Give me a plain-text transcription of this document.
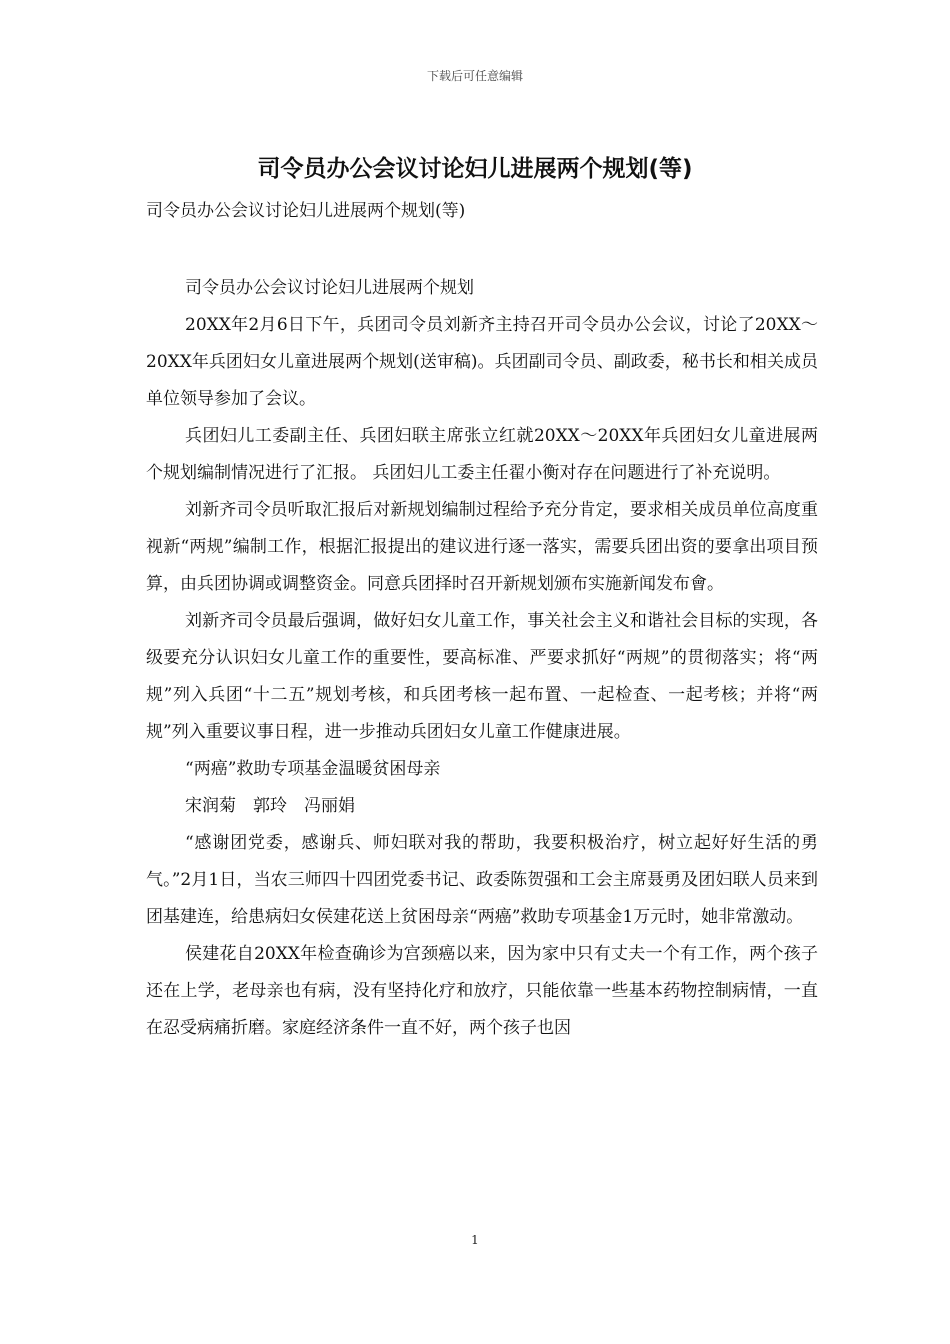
下载后可任意编辑
司令员办公会议讨论妇儿进展两个规划(等)
司令员办公会议讨论妇儿进展两个规划(等)

司令员办公会议讨论妇儿进展两个规划

20XX年2月6日下午，兵团司令员刘新齐主持召开司令员办公会议，讨论了20XX～20XX年兵团妇女儿童进展两个规划(送审稿)。兵团副司令员、副政委，秘书长和相关成员单位领导参加了会议。

兵团妇儿工委副主任、兵团妇联主席张立红就20XX～20XX年兵团妇女儿童进展两个规划编制情况进行了汇报。 兵团妇儿工委主任翟小衡对存在问题进行了补充说明。

刘新齐司令员听取汇报后对新规划编制过程给予充分肯定，要求相关成员单位高度重视新“两规”编制工作，根据汇报提出的建议进行逐一落实，需要兵团出资的要拿出项目预算，由兵团协调或调整资金。同意兵团择时召开新规划颁布实施新闻发布會。

刘新齐司令员最后强调，做好妇女儿童工作，事关社会主义和谐社会目标的实现，各级要充分认识妇女儿童工作的重要性，要高标准、严要求抓好“两规”的贯彻落实；将“两规”列入兵团“十二五”规划考核，和兵团考核一起布置、一起检查、一起考核；并将“两规”列入重要议事日程，进一步推动兵团妇女儿童工作健康进展。

“两癌”救助专项基金温暖贫困母亲

宋润菊　郭玲　冯丽娟

“感谢团党委，感谢兵、师妇联对我的帮助，我要积极治疗，树立起好好生活的勇气。”2月1日，当农三师四十四团党委书记、政委陈贺强和工会主席聂勇及团妇联人员来到团基建连，给患病妇女侯建花送上贫困母亲“两癌”救助专项基金1万元时，她非常激动。

侯建花自20XX年检查确诊为宫颈癌以来，因为家中只有丈夫一个有工作，两个孩子还在上学，老母亲也有病，没有坚持化疗和放疗，只能依靠一些基本药物控制病情，一直在忍受病痛折磨。家庭经济条件一直不好，两个孩子也因

1
